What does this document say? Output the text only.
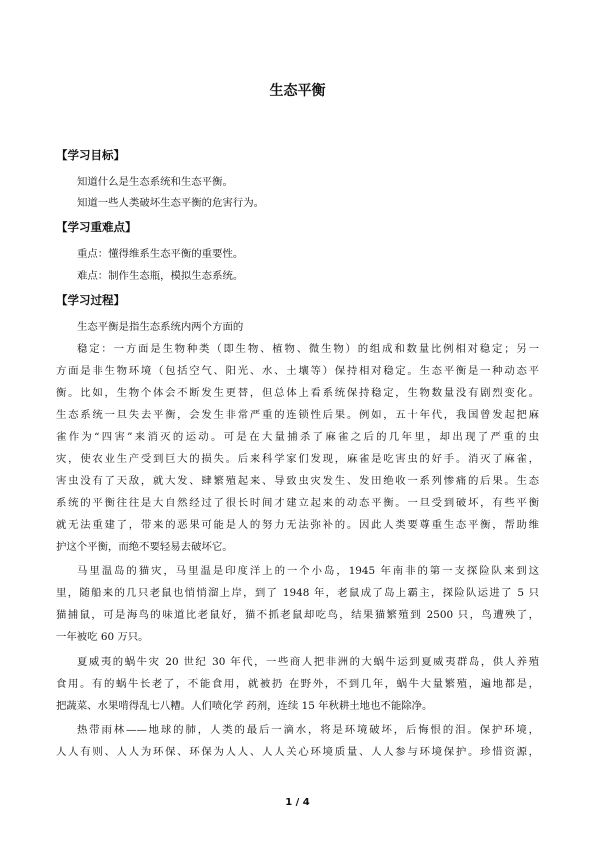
生态平衡
【学习目标】
知道什么是生态系统和生态平衡。
知道一些人类破坏生态平衡的危害行为。
【学习重难点】
重点：懂得维系生态平衡的重要性。
难点：制作生态瓶，模拟生态系统。
【学习过程】
生态平衡是指生态系统内两个方面的
稳定：一方面是生物种类（即生物、植物、微生物）的组成和数量比例相对稳定；另一
方面是非生物环境（包括空气、阳光、水、土壤等）保持相对稳定。生态平衡是一种动态平
衡。比如，生物个体会不断发生更替，但总体上看系统保持稳定，生物数量没有剧烈变化。
生态系统一旦失去平衡，会发生非常严重的连锁性后果。例如，五十年代，我国曾发起把麻
雀作为“四害”来消灭的运动。可是在大量捕杀了麻雀之后的几年里，却出现了严重的虫
灾，使农业生产受到巨大的损失。后来科学家们发现，麻雀是吃害虫的好手。消灭了麻雀，
害虫没有了天敌，就大发、肆繁殖起来、导致虫灾发生、发田绝收一系列惨痛的后果。生态
系统的平衡往往是大自然经过了很长时间才建立起来的动态平衡。一旦受到破坏，有些平衡
就无法重建了，带来的恶果可能是人的努力无法弥补的。因此人类要尊重生态平衡，帮助维
护这个平衡，而绝不要轻易去破坏它。
马里温岛的猫灾，马里温是印度洋上的一个小岛，1945 年南非的第一支探险队来到这
里，随船来的几只老鼠也悄悄溜上岸，到了 1948 年，老鼠成了岛上霸主，探险队运进了 5 只
猫捕鼠，可是海鸟的味道比老鼠好，猫不抓老鼠却吃鸟，结果猫繁殖到 2500 只，鸟遭殃了，
一年被吃 60 万只。
夏威夷的蜗牛灾 20 世纪 30 年代，一些商人把非洲的大蜗牛运到夏威夷群岛，供人养殖
食用。有的蜗牛长老了，不能食用，就被扔 在野外，不到几年，蜗牛大量繁殖，遍地都是，
把蔬菜、水果啃得乱七八糟。人们喷化学 药剂，连续 15 年秋耕土地也不能除净。
热带雨林——地球的肺，人类的最后一滴水，将是环境破坏，后悔恨的泪。保护环境，
人人有则、人人为环保、环保为人人、人人关心环境质量、人人参与环境保护。珍惜资源，
1 / 4
